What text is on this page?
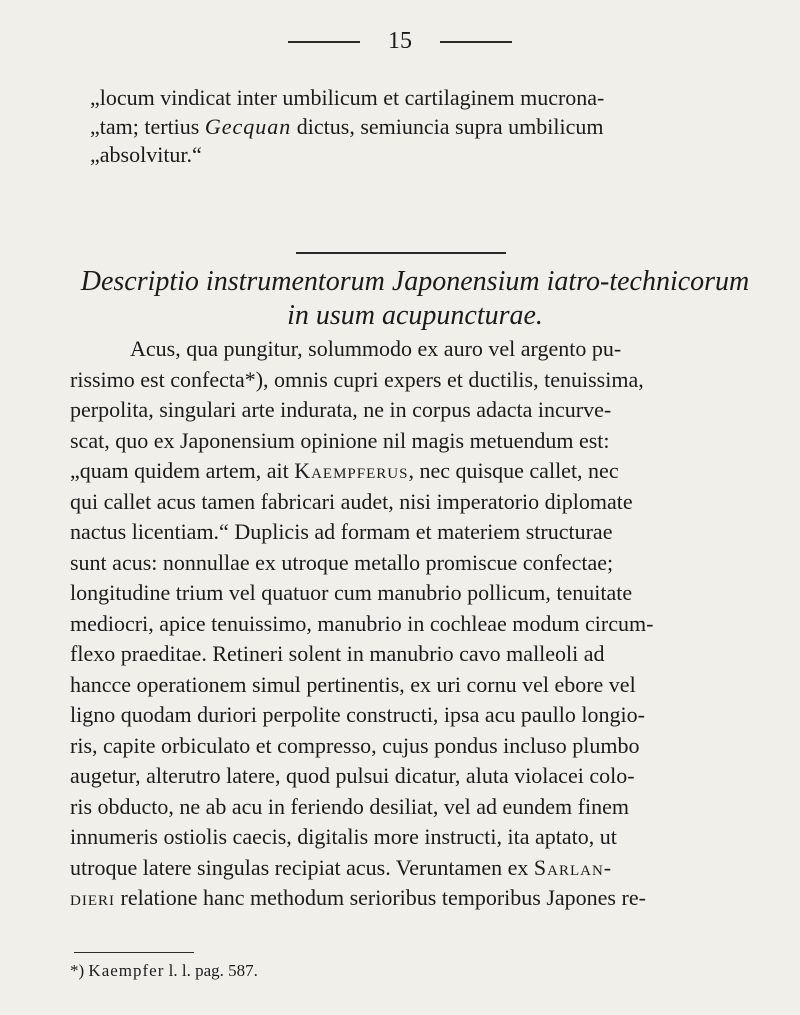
15

„locum vindicat inter umbilicum et cartilaginem mucrona-

„tam; tertius Gecquan dictus, semiuncia supra umbilicum

„absolvitur.“

Descriptio instrumentorum Japonensium iatro-technicorum

in usum acupuncturae.

Acus, qua pungitur, solummodo ex auro vel argento pu-
rissimo est confecta*), omnis cupri expers et ductilis, tenuissima,
perpolita, singulari arte indurata, ne in corpus adacta incurve-
scat, quo ex Japonensium opinione nil magis metuendum est:
„quam quidem artem, ait Kaempferus, nec quisque callet, nec
qui callet acus tamen fabricari audet, nisi imperatorio diplomate
nactus licentiam.“ Duplicis ad formam et materiem structurae
sunt acus: nonnullae ex utroque metallo promiscue confectae;
longitudine trium vel quatuor cum manubrio pollicum, tenuitate
mediocri, apice tenuissimo, manubrio in cochleae modum circum-
flexo praeditae. Retineri solent in manubrio cavo malleoli ad
hancce operationem simul pertinentis, ex uri cornu vel ebore vel
ligno quodam duriori perpolite constructi, ipsa acu paullo longio-
ris, capite orbiculato et compresso, cujus pondus incluso plumbo
augetur, alterutro latere, quod pulsui dicatur, aluta violacei colo-
ris obducto, ne ab acu in feriendo desiliat, vel ad eundem finem
innumeris ostiolis caecis, digitalis more instructi, ita aptato, ut
utroque latere singulas recipiat acus. Veruntamen ex Sarlan-
dieri relatione hanc methodum serioribus temporibus Japones re-
*) Kaempfer l. l. pag. 587.
